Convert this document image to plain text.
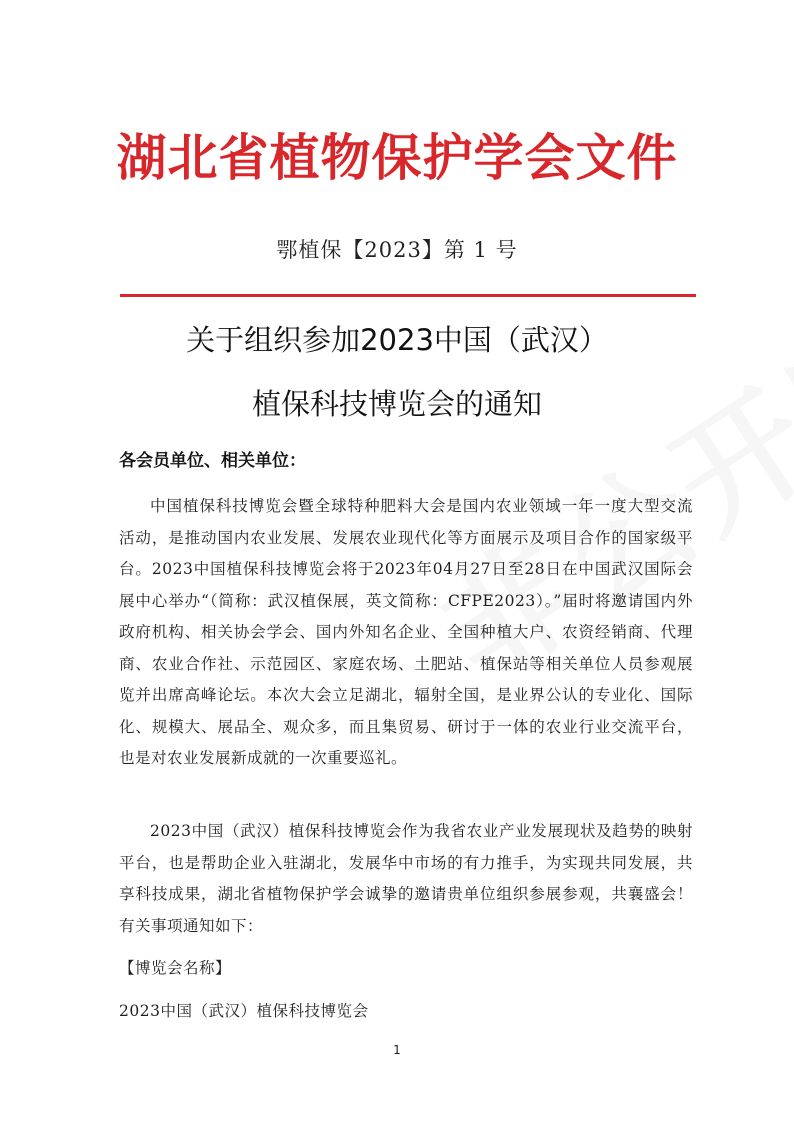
湖北省植物保护学会文件
鄂植保【2023】第 1 号
关于组织参加2023中国（武汉）
植保科技博览会的通知
各会员单位、相关单位：

中国植保科技博览会暨全球特种肥料大会是国内农业领域一年一度大型交流活动，是推动国内农业发展、发展农业现代化等方面展示及项目合作的国家级平台。2023中国植保科技博览会将于2023年04月27日至28日在中国武汉国际会展中心举办“（简称：武汉植保展，英文简称：CFPE2023）。”届时将邀请国内外政府机构、相关协会学会、国内外知名企业、全国种植大户、农资经销商、代理商、农业合作社、示范园区、家庭农场、土肥站、植保站等相关单位人员参观展览并出席高峰论坛。本次大会立足湖北，辐射全国，是业界公认的专业化、国际化、规模大、展品全、观众多，而且集贸易、研讨于一体的农业行业交流平台，也是对农业发展新成就的一次重要巡礼。

2023中国（武汉）植保科技博览会作为我省农业产业发展现状及趋势的映射平台，也是帮助企业入驻湖北，发展华中市场的有力推手，为实现共同发展，共享科技成果，湖北省植物保护学会诚挚的邀请贵单位组织参展参观，共襄盛会！有关事项通知如下：

【博览会名称】
2023中国（武汉）植保科技博览会
1
